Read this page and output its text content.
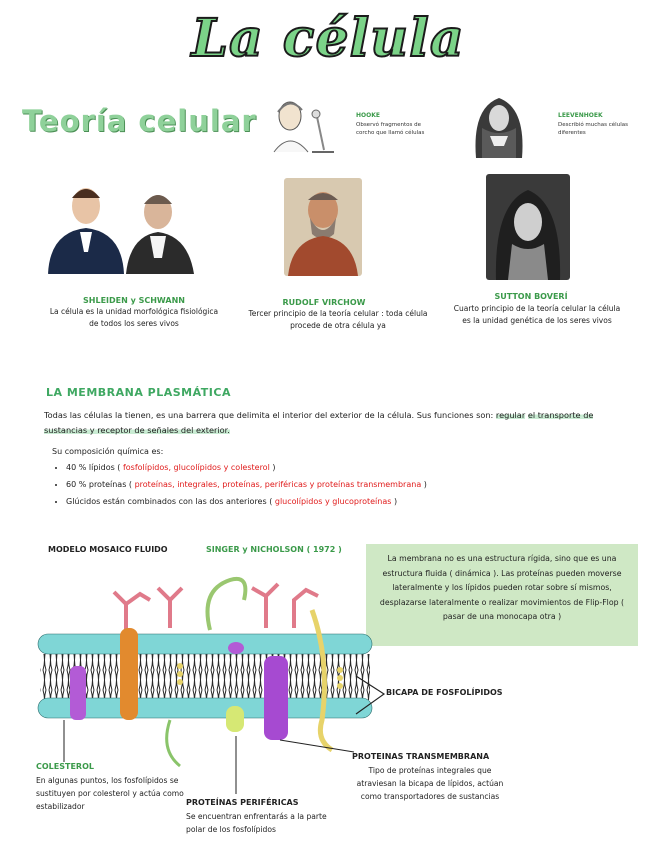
La célula
Teoría celular	HOOKE
Observó fragmentos de corcho que llamó células
LEEVENHOEK
Describió muchas células diferentes
SHLEIDEN y SCHWANN
La célula es la unidad morfológica fisiológica de todos los seres vivos
RUDOLF VIRCHOW
Tercer principio de la teoría celular : toda célula procede de otra célula ya
SUTTON BOVERÍ
Cuarto principio de la teoría celular la célula es la unidad genética de los seres vivos
LA MEMBRANA PLASMÁTICA
Todas las células la tienen, es una barrera que delimita el interior del exterior de la célula. Sus funciones son: regular el transporte de sustancias y receptor de señales del exterior.
Su composición química es:
• 40 % lípidos ( fosfolípidos, glucolípidos y colesterol )
• 60 % proteínas ( proteínas, integrales, proteínas, periféricas y proteínas transmembrana )
• Glúcidos están combinados con las dos anteriores ( glucolípidos y glucoproteínas )
MODELO MOSAICO FLUIDO	SINGER y NICHOLSON ( 1972 )
La membrana no es una estructura rígida, sino que es una estructura fluida ( dinámica ). Las proteínas pueden moverse lateralmente y los lípidos pueden rotar sobre sí mismos, desplazarse lateralmente o realizar movimientos de Flip-Flop ( pasar de una monocapa otra )
BICAPA DE FOSFOLÍPIDOS
COLESTEROL
En algunas puntos, los fosfolípidos se sustituyen por colesterol y actúa como estabilizador	PROTEÍNAS PERIFÉRICAS
Se encuentran enfrentarás a la parte polar de los fosfolípidos
PROTEINAS TRANSMEMBRANA
Tipo de proteínas integrales que atraviesan la bicapa de lípidos, actúan como transportadores de sustancias
